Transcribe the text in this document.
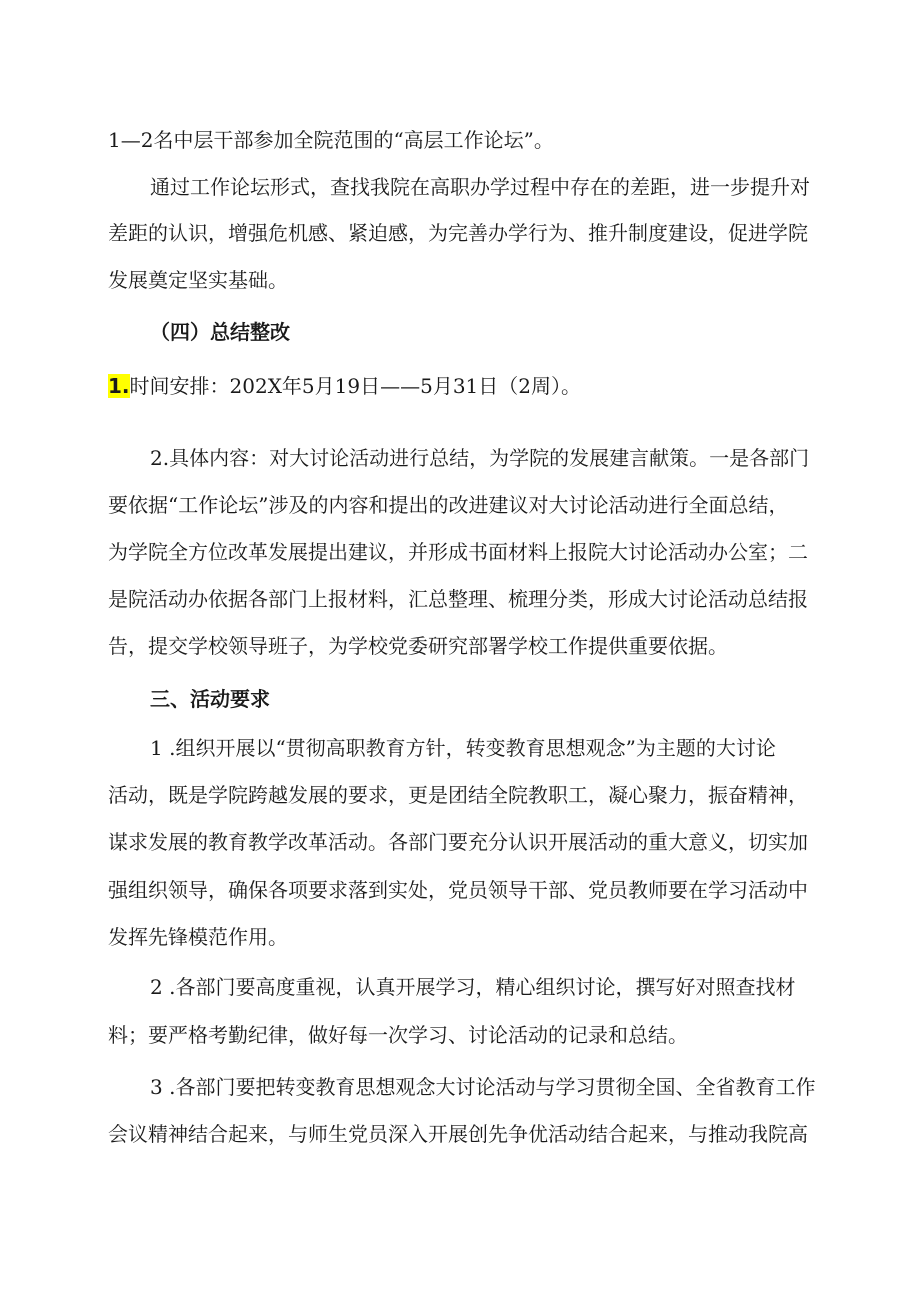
1—2名中层干部参加全院范围的“高层工作论坛”。
通过工作论坛形式，查找我院在高职办学过程中存在的差距，进一步提升对
差距的认识，增强危机感、紧迫感，为完善办学行为、推升制度建设，促进学院
发展奠定坚实基础。
（四）总结整改
1.时间安排：202X年5月19日——5月31日（2周）。
2.具体内容：对大讨论活动进行总结，为学院的发展建言献策。一是各部门
要依据“工作论坛”涉及的内容和提出的改进建议对大讨论活动进行全面总结，
为学院全方位改革发展提出建议，并形成书面材料上报院大讨论活动办公室；二
是院活动办依据各部门上报材料，汇总整理、梳理分类，形成大讨论活动总结报
告，提交学校领导班子，为学校党委研究部署学校工作提供重要依据。
三、活动要求
1 .组织开展以“贯彻高职教育方针，转变教育思想观念”为主题的大讨论
活动，既是学院跨越发展的要求，更是团结全院教职工，凝心聚力，振奋精神，
谋求发展的教育教学改革活动。各部门要充分认识开展活动的重大意义，切实加
强组织领导，确保各项要求落到实处，党员领导干部、党员教师要在学习活动中
发挥先锋模范作用。
2 .各部门要高度重视，认真开展学习，精心组织讨论，撰写好对照查找材
料；要严格考勤纪律，做好每一次学习、讨论活动的记录和总结。
3 .各部门要把转变教育思想观念大讨论活动与学习贯彻全国、全省教育工作
会议精神结合起来，与师生党员深入开展创先争优活动结合起来，与推动我院高
